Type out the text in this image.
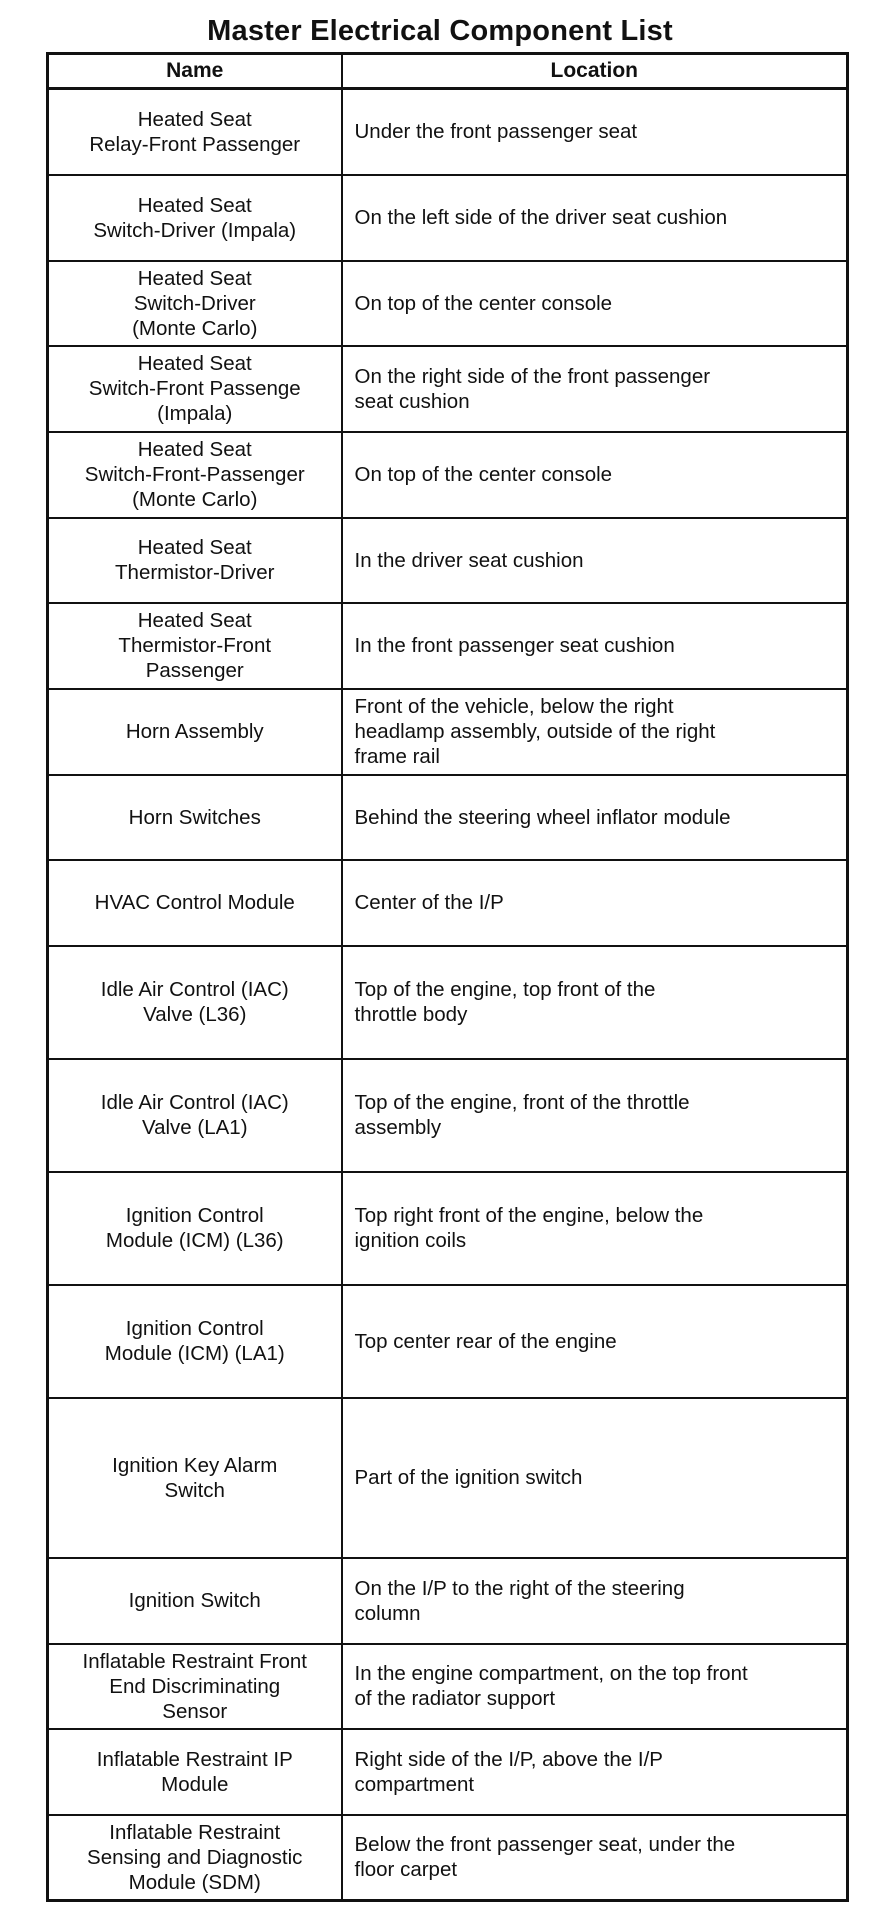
Master Electrical Component List
Name	Location

Heated Seat
Relay-Front Passenger	Under the front passenger seat

Heated Seat
Switch-Driver (Impala)	On the left side of the driver seat cushion

Heated Seat
Switch-Driver
(Monte Carlo)	On top of the center console

Heated Seat
Switch-Front Passenge
(Impala)	On the right side of the front passenger
seat cushion

Heated Seat
Switch-Front-Passenger
(Monte Carlo)	On top of the center console

Heated Seat
Thermistor-Driver	In the driver seat cushion

Heated Seat
Thermistor-Front
Passenger	In the front passenger seat cushion

Horn Assembly	Front of the vehicle, below the right
headlamp assembly, outside of the right
frame rail

Horn Switches	Behind the steering wheel inflator module

HVAC Control Module	Center of the I/P

Idle Air Control (IAC)
Valve (L36)	Top of the engine, top front of the
throttle body

Idle Air Control (IAC)
Valve (LA1)	Top of the engine, front of the throttle
assembly

Ignition Control
Module (ICM) (L36)	Top right front of the engine, below the
ignition coils

Ignition Control
Module (ICM) (LA1)	Top center rear of the engine

Ignition Key Alarm
Switch	Part of the ignition switch

Ignition Switch	On the I/P to the right of the steering
column

Inflatable Restraint Front
End Discriminating
Sensor	In the engine compartment, on the top front
of the radiator support

Inflatable Restraint IP
Module	Right side of the I/P, above the I/P
compartment

Inflatable Restraint
Sensing and Diagnostic
Module (SDM)	Below the front passenger seat, under the
floor carpet
